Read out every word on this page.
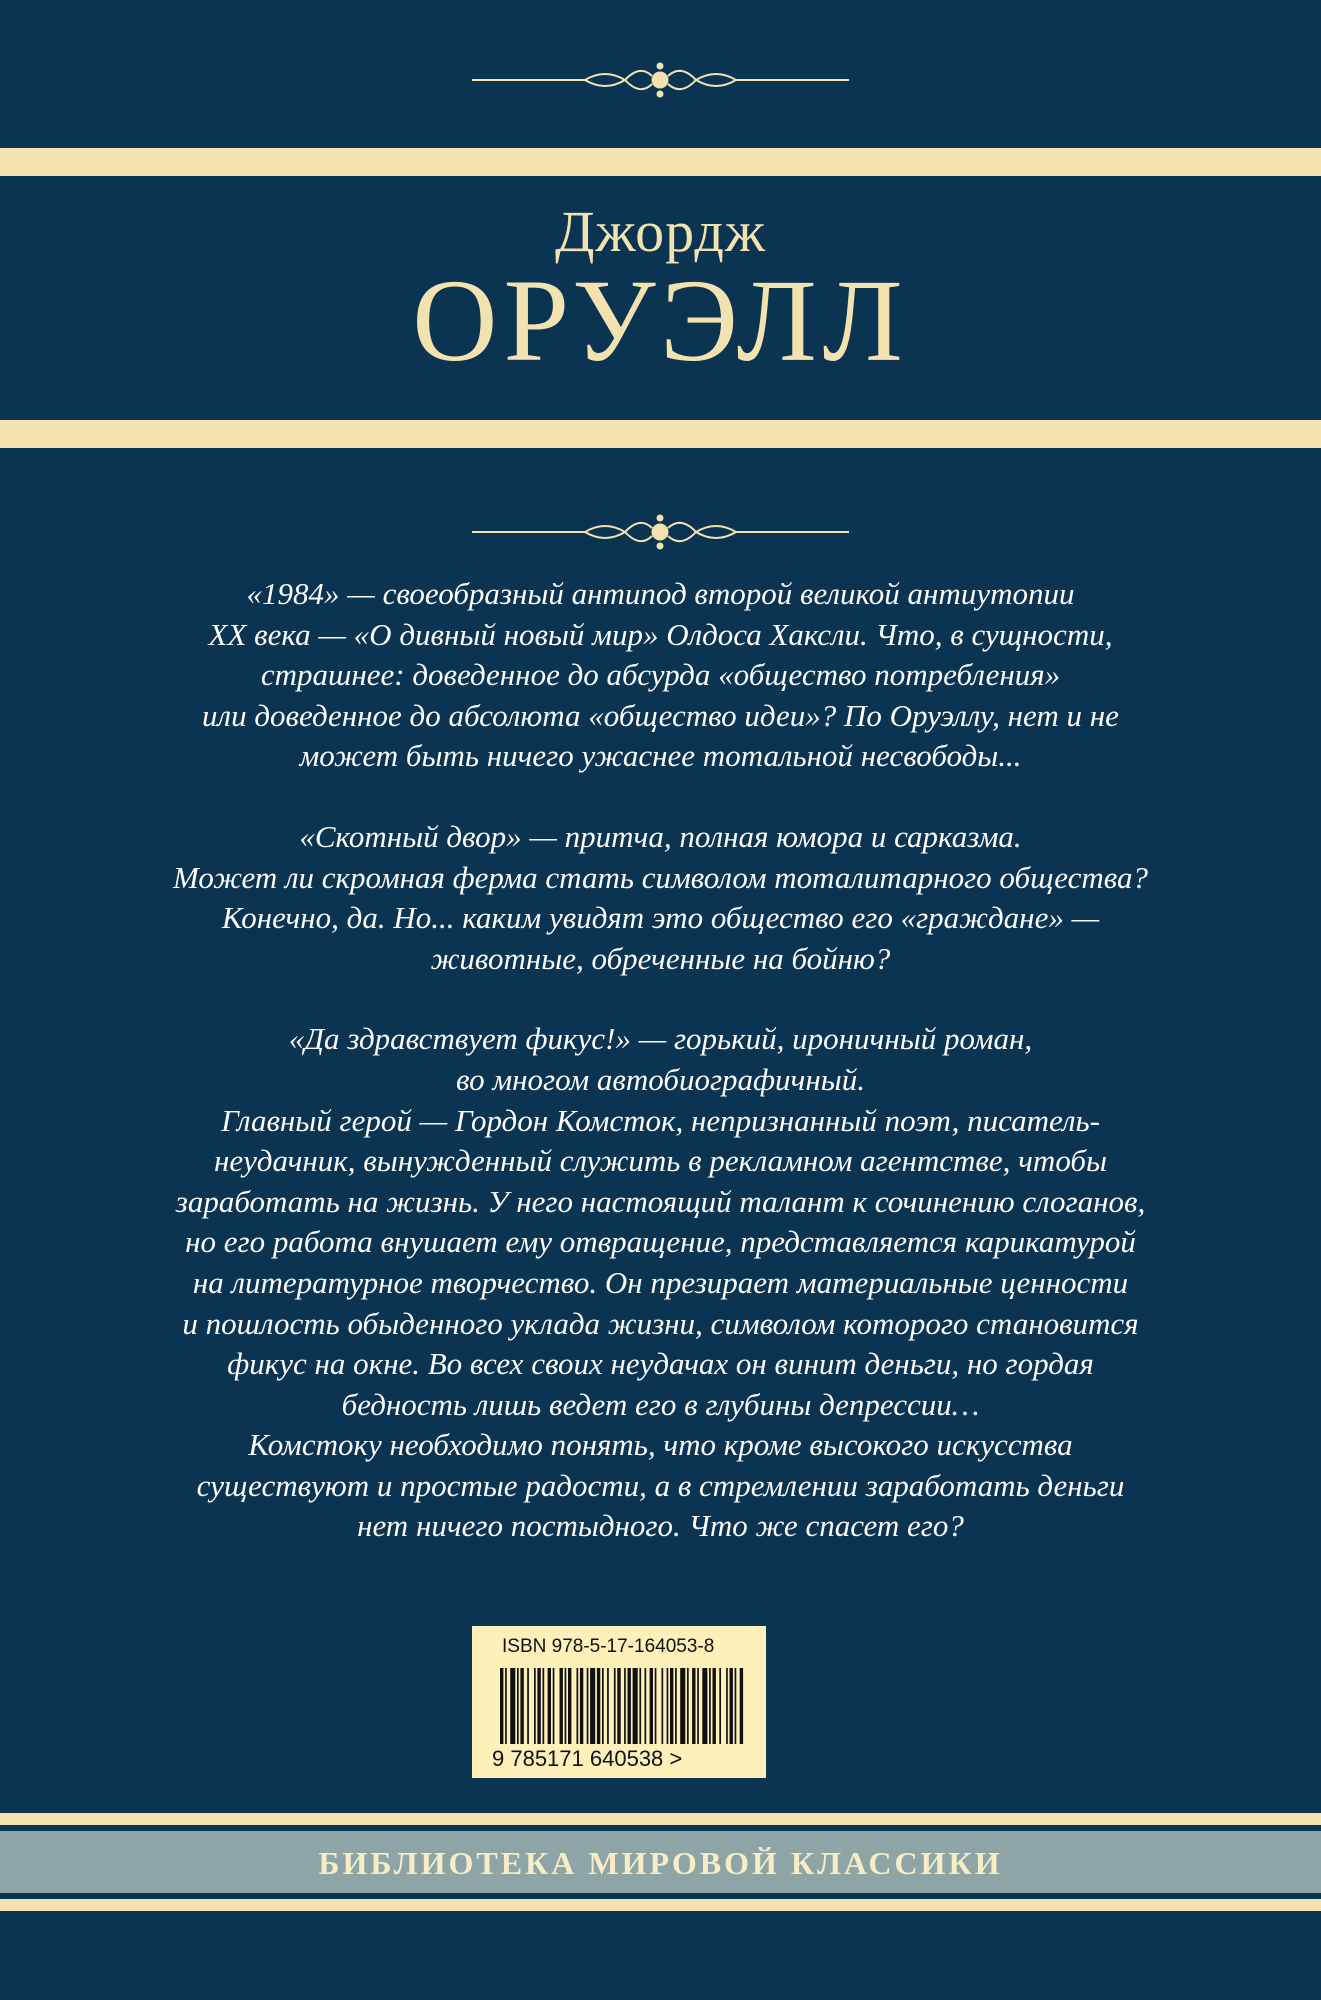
Джордж
ОРУЭЛЛ

«1984» — своеобразный антипод второй великой антиутопии
XX века — «О дивный новый мир» Олдоса Хаксли. Что, в сущности,
страшнее: доведенное до абсурда «общество потребления»
или доведенное до абсолюта «общество идеи»? По Оруэллу, нет и не
может быть ничего ужаснее тотальной несвободы...

«Скотный двор» — притча, полная юмора и сарказма.
Может ли скромная ферма стать символом тоталитарного общества?
Конечно, да. Но... каким увидят это общество его «граждане» —
животные, обреченные на бойню?

«Да здравствует фикус!» — горький, ироничный роман,
во многом автобиографичный.
Главный герой — Гордон Комсток, непризнанный поэт, писатель-
неудачник, вынужденный служить в рекламном агентстве, чтобы
заработать на жизнь. У него настоящий талант к сочинению слоганов,
но его работа внушает ему отвращение, представляется карикатурой
на литературное творчество. Он презирает материальные ценности
и пошлость обыденного уклада жизни, символом которого становится
фикус на окне. Во всех своих неудачах он винит деньги, но гордая
бедность лишь ведет его в глубины депрессии…
Комстоку необходимо понять, что кроме высокого искусства
существуют и простые радости, а в стремлении заработать деньги
нет ничего постыдного. Что же спасет его?

9 785171 640538 >
ISBN 978-5-17-164053-8
БИБЛИОТЕКА МИРОВОЙ КЛАССИКИ
